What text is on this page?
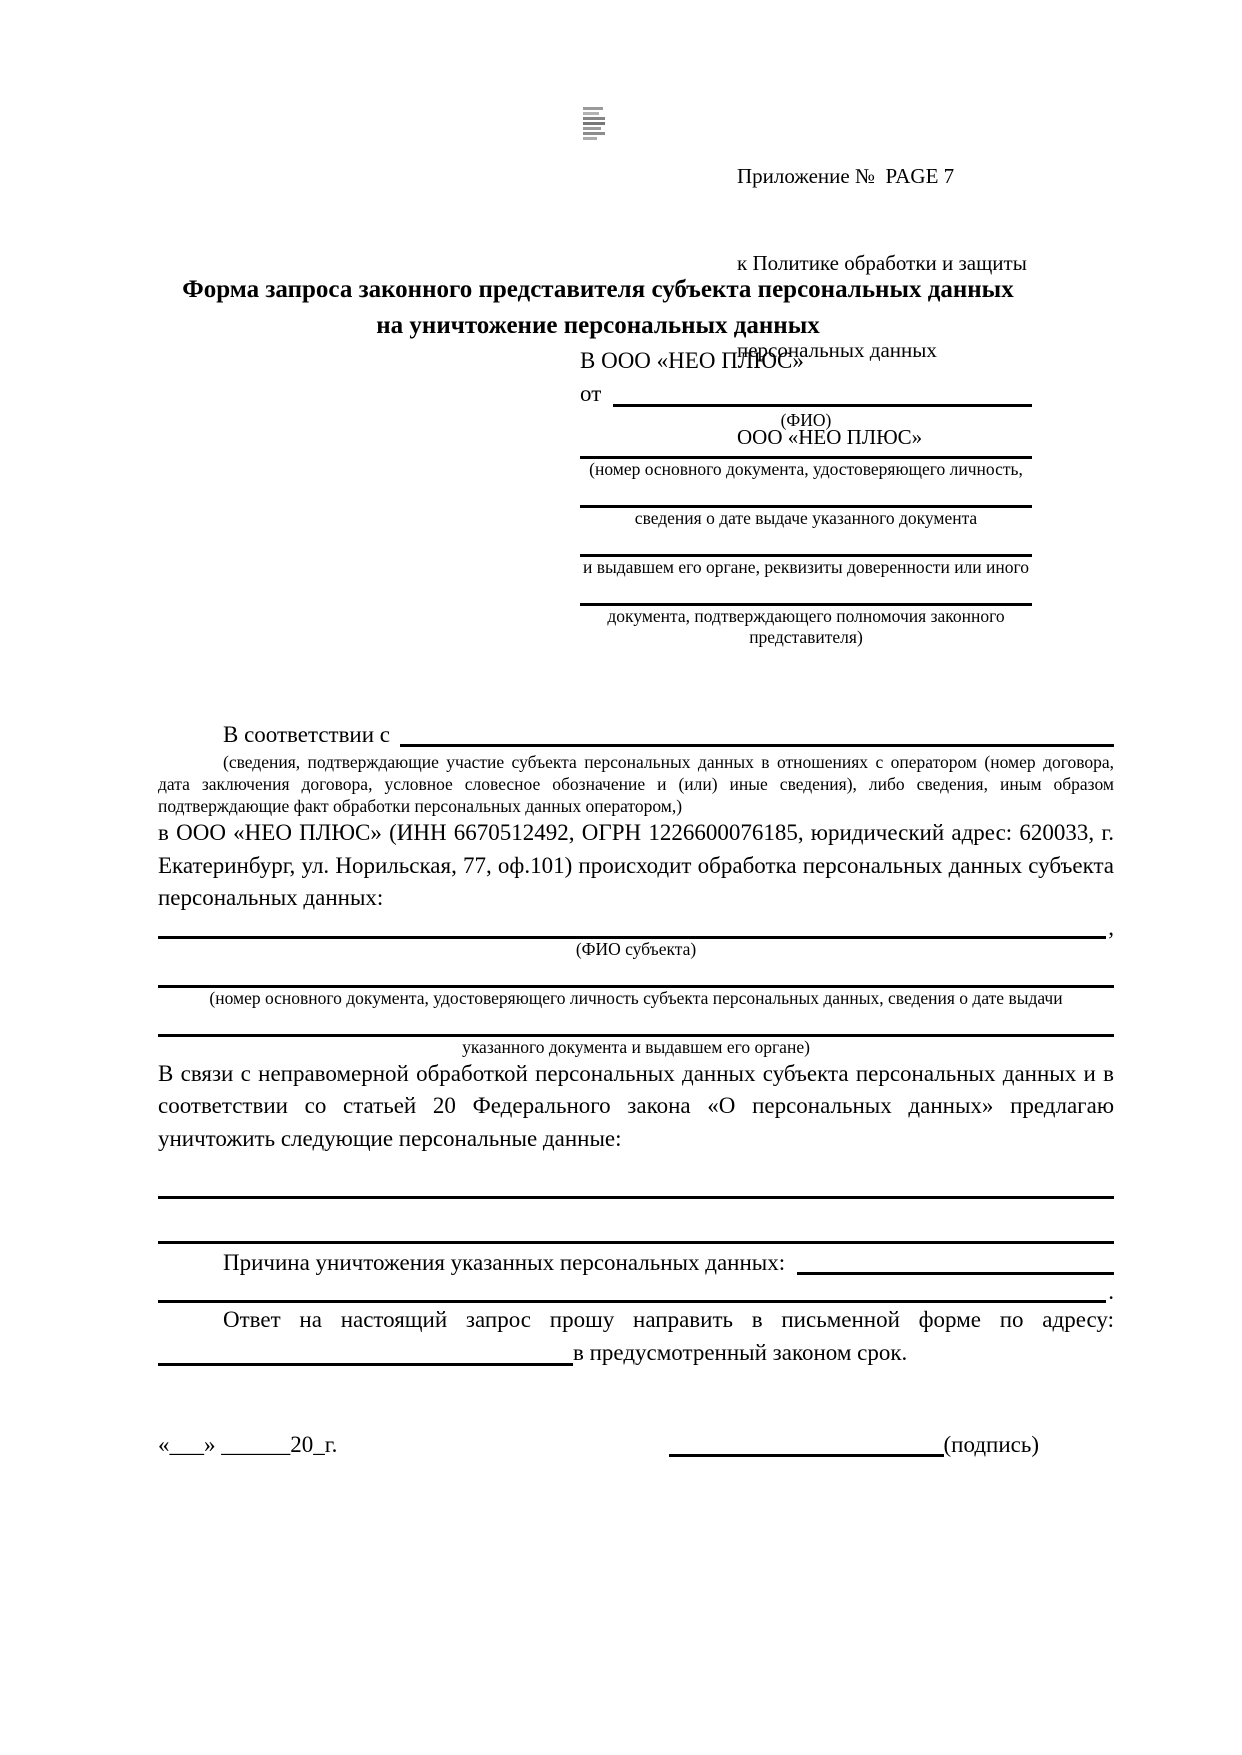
Приложение №  PAGE 7

к Политике обработки и защиты

персональных данных

ООО «НЕО ПЛЮС»

Форма запроса законного представителя субъекта персональных данных
на уничтожение персональных данных
В ООО «НЕО ПЛЮС»
от
(ФИО)
(номер основного документа, удостоверяющего личность,
сведения о дате выдаче указанного документа
и выдавшем его органе, реквизиты доверенности или иного
документа, подтверждающего полномочия законного представителя)
В соответствии с
(сведения, подтверждающие участие субъекта персональных данных в отношениях с оператором (номер договора, дата заключения договора, условное словесное обозначение и (или) иные сведения), либо сведения, иным образом подтверждающие факт обработки персональных данных оператором,)
в ООО «НЕО ПЛЮС» (ИНН 6670512492, ОГРН 1226600076185, юридический адрес: 620033, г. Екатеринбург, ул. Норильская, 77, оф.101) происходит обработка персональных данных субъекта персональных данных:
,
(ФИО субъекта)
(номер основного документа, удостоверяющего личность субъекта персональных данных, сведения о дате выдачи
указанного документа и выдавшем его органе)
В связи с неправомерной обработкой персональных данных субъекта персональных данных и в соответствии со статьей 20 Федерального закона «О персональных данных» предлагаю уничтожить следующие персональные данные:
Причина уничтожения указанных персональных данных:
.
Ответ на настоящий запрос прошу направить в письменной форме по адресу:
в предусмотренный законом срок.
«___» ______20_г.	(подпись)
